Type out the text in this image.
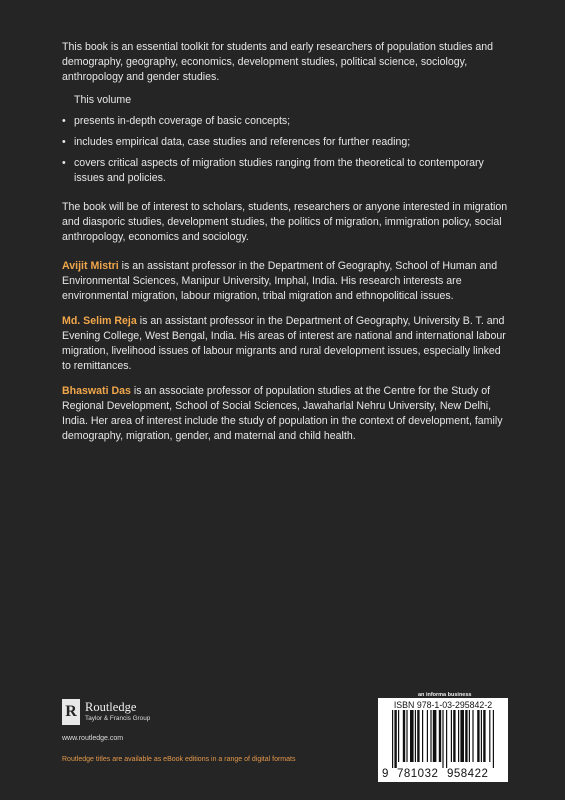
This book is an essential toolkit for students and early researchers of population studies and demography, geography, economics, development studies, political science, sociology, anthropology and gender studies.

This volume

• presents in-depth coverage of basic concepts;
• includes empirical data, case studies and references for further reading;
• covers critical aspects of migration studies ranging from the theoretical to contemporary issues and policies.

The book will be of interest to scholars, students, researchers or anyone interested in migration and diasporic studies, development studies, the politics of migration, immigration policy, social anthropology, economics and sociology.

Avijit Mistri is an assistant professor in the Department of Geography, School of Human and Environmental Sciences, Manipur University, Imphal, India. His research interests are environmental migration, labour migration, tribal migration and ethnopolitical issues.

Md. Selim Reja is an assistant professor in the Department of Geography, University B. T. and Evening College, West Bengal, India. His areas of interest are national and international labour migration, livelihood issues of labour migrants and rural development issues, especially linked to remittances.

Bhaswati Das is an associate professor of population studies at the Centre for the Study of Regional Development, School of Social Sciences, Jawaharlal Nehru University, New Delhi, India. Her area of interest include the study of population in the context of development, family demography, migration, gender, and maternal and child health.

R Routledge
Taylor & Francis Group
www.routledge.com
Routledge titles are available as eBook editions in a range of digital formats
an informa business
ISBN 978-1-03-295842-2
9 781032 958422
